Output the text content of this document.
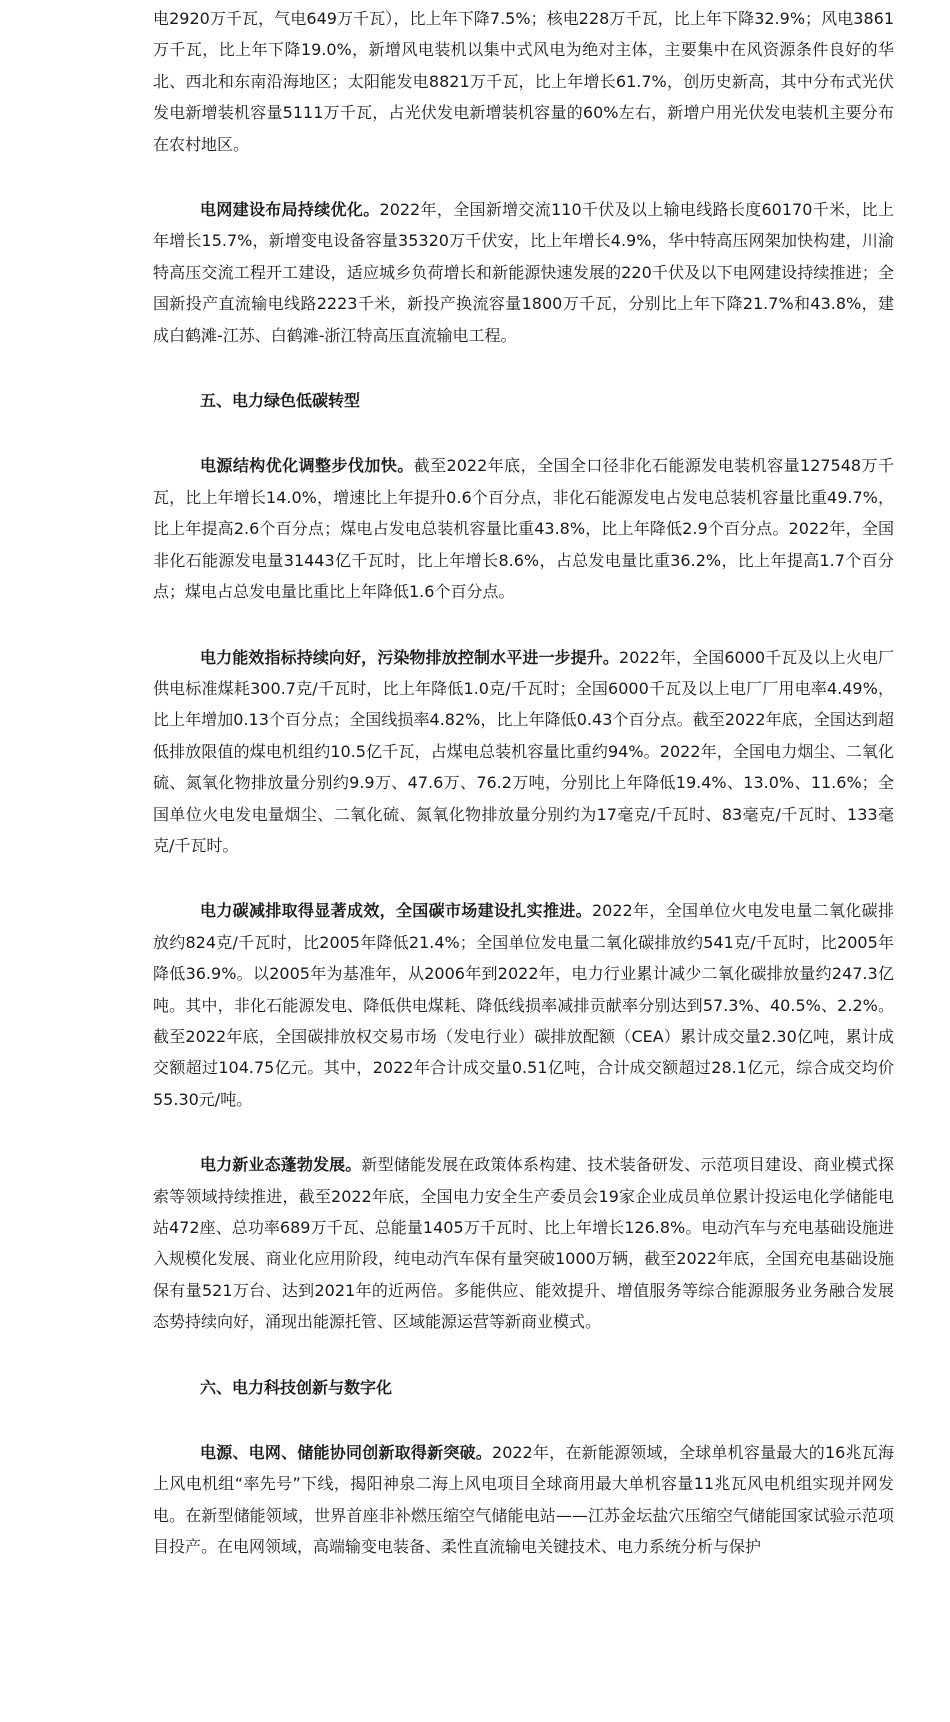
电2920万千瓦，气电649万千瓦），比上年下降7.5%；核电228万千瓦，比上年下降32.9%；风电3861万千瓦，比上年下降19.0%，新增风电装机以集中式风电为绝对主体，主要集中在风资源条件良好的华北、西北和东南沿海地区；太阳能发电8821万千瓦，比上年增长61.7%，创历史新高，其中分布式光伏发电新增装机容量5111万千瓦，占光伏发电新增装机容量的60%左右，新增户用光伏发电装机主要分布在农村地区。

电网建设布局持续优化。2022年，全国新增交流110千伏及以上输电线路长度60170千米，比上年增长15.7%，新增变电设备容量35320万千伏安，比上年增长4.9%，华中特高压网架加快构建，川渝特高压交流工程开工建设，适应城乡负荷增长和新能源快速发展的220千伏及以下电网建设持续推进；全国新投产直流输电线路2223千米，新投产换流容量1800万千瓦，分别比上年下降21.7%和43.8%，建成白鹤滩-江苏、白鹤滩-浙江特高压直流输电工程。

五、电力绿色低碳转型

电源结构优化调整步伐加快。截至2022年底，全国全口径非化石能源发电装机容量127548万千瓦，比上年增长14.0%，增速比上年提升0.6个百分点，非化石能源发电占发电总装机容量比重49.7%，比上年提高2.6个百分点；煤电占发电总装机容量比重43.8%，比上年降低2.9个百分点。2022年，全国非化石能源发电量31443亿千瓦时，比上年增长8.6%，占总发电量比重36.2%，比上年提高1.7个百分点；煤电占总发电量比重比上年降低1.6个百分点。

电力能效指标持续向好，污染物排放控制水平进一步提升。2022年，全国6000千瓦及以上火电厂供电标准煤耗300.7克/千瓦时，比上年降低1.0克/千瓦时；全国6000千瓦及以上电厂厂用电率4.49%，比上年增加0.13个百分点；全国线损率4.82%，比上年降低0.43个百分点。截至2022年底，全国达到超低排放限值的煤电机组约10.5亿千瓦，占煤电总装机容量比重约94%。2022年，全国电力烟尘、二氧化硫、氮氧化物排放量分别约9.9万、47.6万、76.2万吨，分别比上年降低19.4%、13.0%、11.6%；全国单位火电发电量烟尘、二氧化硫、氮氧化物排放量分别约为17毫克/千瓦时、83毫克/千瓦时、133毫克/千瓦时。

电力碳减排取得显著成效，全国碳市场建设扎实推进。2022年，全国单位火电发电量二氧化碳排放约824克/千瓦时，比2005年降低21.4%；全国单位发电量二氧化碳排放约541克/千瓦时，比2005年降低36.9%。以2005年为基准年，从2006年到2022年，电力行业累计减少二氧化碳排放量约247.3亿吨。其中，非化石能源发电、降低供电煤耗、降低线损率减排贡献率分别达到57.3%、40.5%、2.2%。截至2022年底，全国碳排放权交易市场（发电行业）碳排放配额（CEA）累计成交量2.30亿吨，累计成交额超过104.75亿元。其中，2022年合计成交量0.51亿吨，合计成交额超过28.1亿元，综合成交均价55.30元/吨。

电力新业态蓬勃发展。新型储能发展在政策体系构建、技术装备研发、示范项目建设、商业模式探索等领域持续推进，截至2022年底，全国电力安全生产委员会19家企业成员单位累计投运电化学储能电站472座、总功率689万千瓦、总能量1405万千瓦时、比上年增长126.8%。电动汽车与充电基础设施进入规模化发展、商业化应用阶段，纯电动汽车保有量突破1000万辆，截至2022年底，全国充电基础设施保有量521万台、达到2021年的近两倍。多能供应、能效提升、增值服务等综合能源服务业务融合发展态势持续向好，涌现出能源托管、区域能源运营等新商业模式。

六、电力科技创新与数字化

电源、电网、储能协同创新取得新突破。2022年，在新能源领域，全球单机容量最大的16兆瓦海上风电机组“率先号”下线，揭阳神泉二海上风电项目全球商用最大单机容量11兆瓦风电机组实现并网发电。在新型储能领域，世界首座非补燃压缩空气储能电站——江苏金坛盐穴压缩空气储能国家试验示范项目投产。在电网领域，高端输变电装备、柔性直流输电关键技术、电力系统分析与保护
